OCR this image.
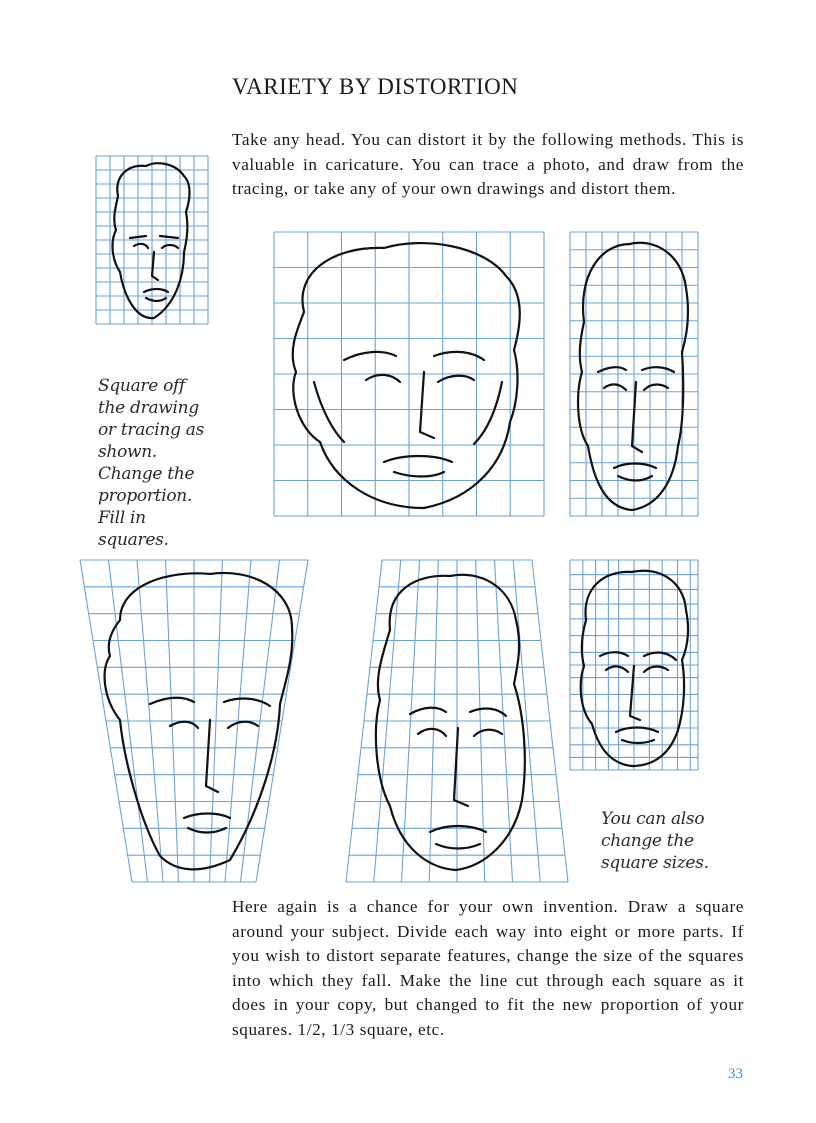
VARIETY BY DISTORTION

Take any head. You can distort it by the following methods. This is valuable in caricature. You can trace a photo, and draw from the tracing, or take any of your own drawings and distort them.

Square off the drawing or tracing as shown. Change the proportion. Fill in squares.

You can also change the square sizes.

Here again is a chance for your own invention. Draw a square around your subject. Divide each way into eight or more parts. If you wish to distort separate features, change the size of the squares into which they fall. Make the line cut through each square as it does in your copy, but changed to fit the new proportion of your squares. 1/2, 1/3 square, etc.

33
